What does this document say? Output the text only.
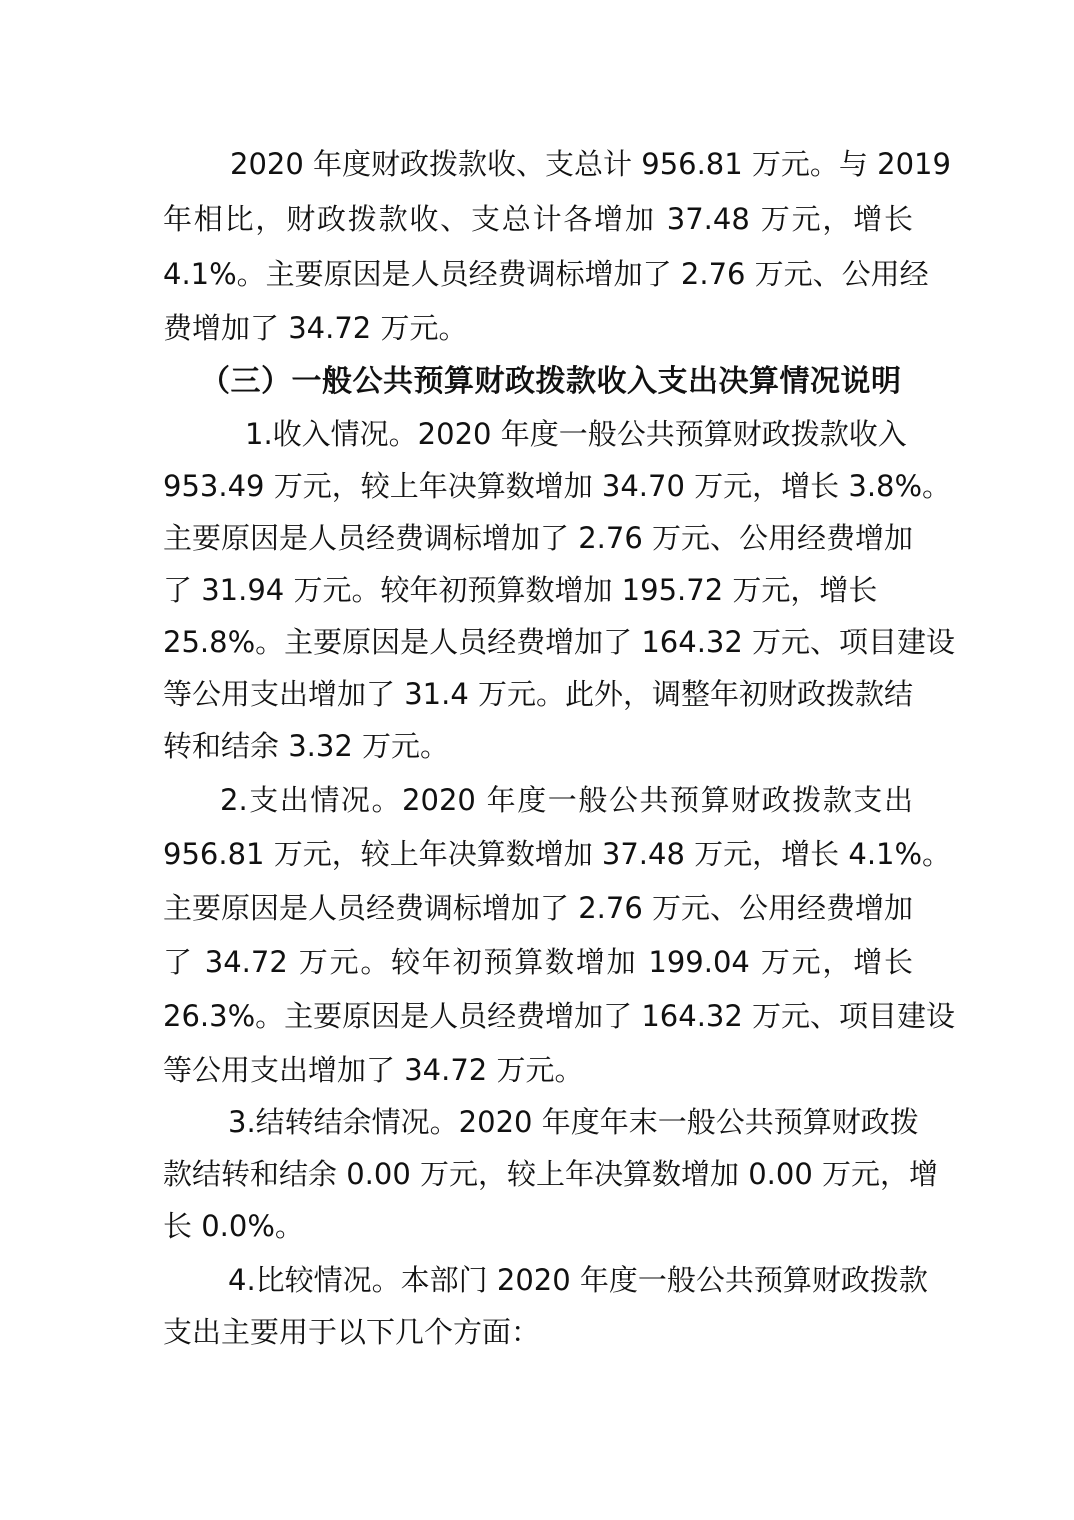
2020 年度财政拨款收、支总计 956.81 万元。与 2019
年相比，财政拨款收、支总计各增加 37.48 万元，增长
4.1%。主要原因是人员经费调标增加了 2.76 万元、公用经
费增加了 34.72 万元。
（三）一般公共预算财政拨款收入支出决算情况说明
1.收入情况。2020 年度一般公共预算财政拨款收入
953.49 万元，较上年决算数增加 34.70 万元，增长 3.8%。
主要原因是人员经费调标增加了 2.76 万元、公用经费增加
了 31.94 万元。较年初预算数增加 195.72 万元，增长
25.8%。主要原因是人员经费增加了 164.32 万元、项目建设
等公用支出增加了 31.4 万元。此外，调整年初财政拨款结
转和结余 3.32 万元。
2.支出情况。2020 年度一般公共预算财政拨款支出
956.81 万元，较上年决算数增加 37.48 万元，增长 4.1%。
主要原因是人员经费调标增加了 2.76 万元、公用经费增加
了 34.72 万元。较年初预算数增加 199.04 万元，增长
26.3%。主要原因是人员经费增加了 164.32 万元、项目建设
等公用支出增加了 34.72 万元。
3.结转结余情况。2020 年度年末一般公共预算财政拨
款结转和结余 0.00 万元，较上年决算数增加 0.00 万元，增
长 0.0%。
4.比较情况。本部门 2020 年度一般公共预算财政拨款
支出主要用于以下几个方面：
